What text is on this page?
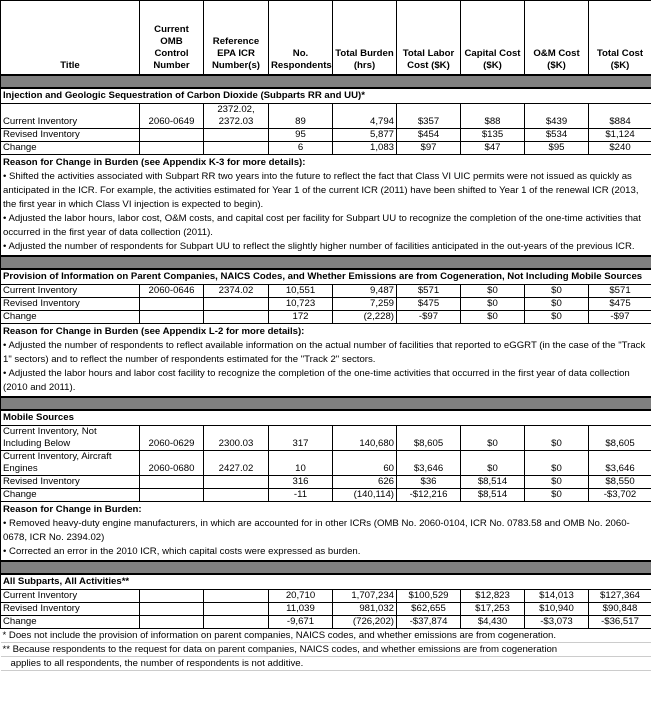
Title	Current OMB Control Number	Reference EPA ICR Number(s)	No. Respondents	Total Burden (hrs)	Total Labor Cost ($K)	Capital Cost ($K)	O&M Cost ($K)	Total Cost ($K)

Injection and Geologic Sequestration of Carbon Dioxide (Subparts RR and UU)*								
Current Inventory	2060-0649	2372.02, 2372.03	89	4,794	$357	$88	$439	$884
Revised Inventory			95	5,877	$454	$135	$534	$1,124
Change			6	1,083	$97	$47	$95	$240

Reason for Change in Burden (see Appendix K-3 for more details):
• Shifted the activities associated with Subpart RR two years into the future to reflect the fact that Class VI UIC permits were not issued as quickly as anticipated in the ICR. For example, the activities estimated for Year 1 of the current ICR (2011) have been shifted to Year 1 of the renewal ICR (2013, the first year in which Class VI injection is expected to begin).
• Adjusted the labor hours, labor cost, O&M costs, and capital cost per facility for Subpart UU to recognize the completion of the one-time activities that occurred in the first year of data collection (2011).
• Adjusted the number of respondents for Subpart UU to reflect the slightly higher number of facilities anticipated in the out-years of the previous ICR.								

Provision of Information on Parent Companies, NAICS Codes, and Whether Emissions are from Cogeneration, Not Including Mobile Sources								
Current Inventory	2060-0646	2374.02	10,551	9,487	$571	$0	$0	$571
Revised Inventory			10,723	7,259	$475	$0	$0	$475
Change			172	(2,228)	-$97	$0	$0	-$97

Reason for Change in Burden (see Appendix L-2 for more details):
• Adjusted the number of respondents to reflect available information on the actual number of facilities that reported to eGGRT (in the case of the "Track 1" sectors) and to reflect the number of respondents estimated for the "Track 2" sectors.
• Adjusted the labor hours and labor cost facility to recognize the completion of the one-time activities that occurred in the first year of data collection (2010 and 2011).								

Mobile Sources								
Current Inventory, Not Including Below	2060-0629	2300.03	317	140,680	$8,605	$0	$0	$8,605
Current Inventory, Aircraft Engines	2060-0680	2427.02	10	60	$3,646	$0	$0	$3,646
Revised Inventory			316	626	$36	$8,514	$0	$8,550
Change			-11	(140,114)	-$12,216	$8,514	$0	-$3,702

Reason for Change in Burden:
• Removed heavy-duty engine manufacturers, in which are accounted for in other ICRs (OMB No. 2060-0104, ICR No. 0783.58 and OMB No. 2060-0678, ICR No. 2394.02)
• Corrected an error in the 2010 ICR, which capital costs were expressed as burden.								

All Subparts, All Activities**								
Current Inventory			20,710	1,707,234	$100,529	$12,823	$14,013	$127,364
Revised Inventory			11,039	981,032	$62,655	$17,253	$10,940	$90,848
Change			-9,671	(726,202)	-$37,874	$4,430	-$3,073	-$36,517
* Does not include the provision of information on parent companies, NAICS codes, and whether emissions are from cogeneration.								
** Because respondents to the request for data on parent companies, NAICS codes, and whether emissions are from cogeneration								
applies to all respondents, the number of respondents is not additive.								
